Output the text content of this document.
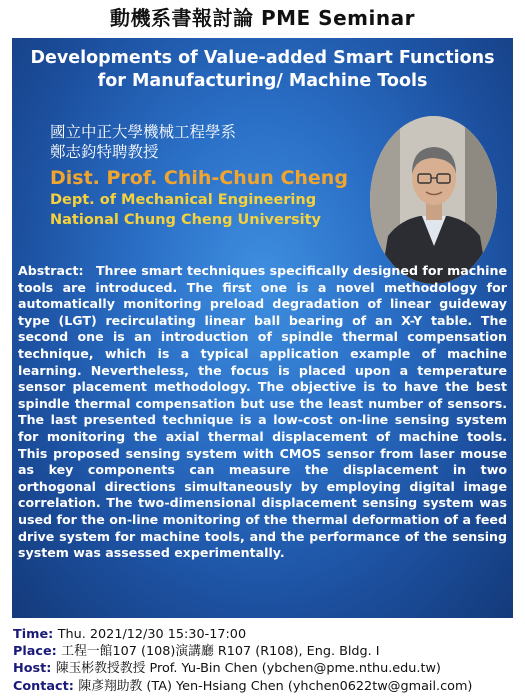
動機系書報討論 PME Seminar
Developments of Value-added Smart Functions
for Manufacturing/ Machine Tools
國立中正大學機械工程學系
鄭志鈞特聘教授
Dist. Prof. Chih-Chun Cheng
Dept. of Mechanical Engineering
National Chung Cheng University
Abstract: Three smart techniques specifically designed for machine tools are introduced. The first one is a novel methodology for automatically monitoring preload degradation of linear guideway type (LGT) recirculating linear ball bearing of an X-Y table. The second one is an introduction of spindle thermal compensation technique, which is a typical application example of machine learning. Nevertheless, the focus is placed upon a temperature sensor placement methodology. The objective is to have the best spindle thermal compensation but use the least number of sensors. The last presented technique is a low-cost on-line sensing system for monitoring the axial thermal displacement of machine tools. This proposed sensing system with CMOS sensor from laser mouse as key components can measure the displacement in two orthogonal directions simultaneously by employing digital image correlation. The two-dimensional displacement sensing system was used for the on-line monitoring of the thermal deformation of a feed drive system for machine tools, and the performance of the sensing system was assessed experimentally.
Time: Thu. 2021/12/30 15:30-17:00
Place: 工程一館107 (108)演講廳 R107 (R108), Eng. Bldg. I
Host: 陳玉彬教授教授 Prof. Yu-Bin Chen (ybchen@pme.nthu.edu.tw)
Contact: 陳彥翔助教 (TA) Yen-Hsiang Chen (yhchen0622tw@gmail.com)
